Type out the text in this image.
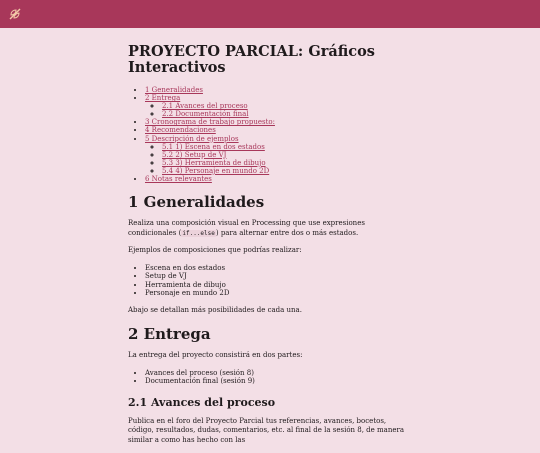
PROYECTO PARCIAL: Gráficos Interactivos
• 1 Generalidades
• 2 Entrega
◦ 2.1 Avances del proceso
◦ 2.2 Documentación final
• 3 Cronograma de trabajo propuesto:
• 4 Recomendaciones
• 5 Descripción de ejemplos
◦ 5.1 1) Escena en dos estados
◦ 5.2 2) Setup de VJ
◦ 5.3 3) Herramienta de dibujo
◦ 5.4 4) Personaje en mundo 2D
• 6 Notas relevantes
1 Generalidades

Realiza una composición visual en Processing que use expresiones condicionales (if...else) para alternar entre dos o más estados.

Ejemplos de composiciones que podrías realizar:

• Escena en dos estados
• Setup de VJ
• Herramienta de dibujo
• Personaje en mundo 2D

Abajo se detallan más posibilidades de cada una.

2 Entrega

La entrega del proyecto consistirá en dos partes:

• Avances del proceso (sesión 8)
• Documentación final (sesión 9)
2.1 Avances del proceso

Publica en el foro del Proyecto Parcial tus referencias, avances, bocetos, código, resultados, dudas, comentarios, etc. al final de la sesión 8, de manera similar a como has hecho con las
